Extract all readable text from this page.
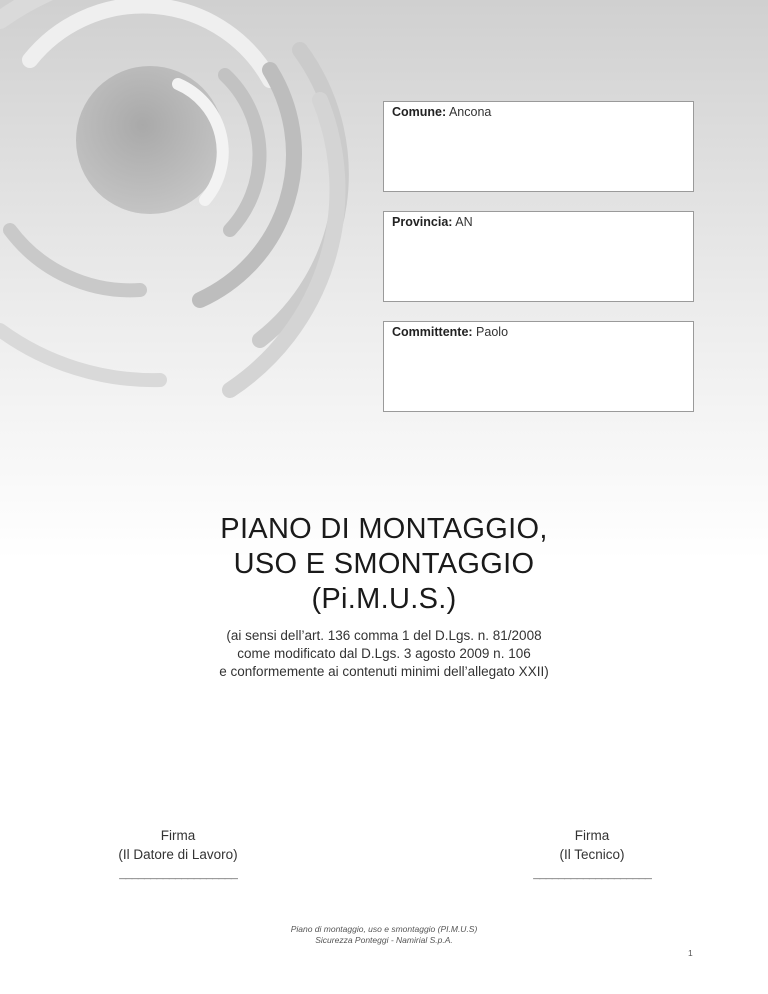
Comune: Ancona
Provincia: AN
Committente: Paolo
PIANO DI MONTAGGIO,
USO E SMONTAGGIO
(Pi.M.U.S.)
(ai sensi dell’art. 136 comma 1 del D.Lgs. n. 81/2008
come modificato dal D.Lgs. 3 agosto 2009 n. 106
e conformemente ai contenuti minimi dell’allegato XXII)
Firma
(Il Datore di Lavoro)
___________________
Firma
(Il Tecnico)
___________________
Piano di montaggio, uso e smontaggio (PI.M.U.S)
Sicurezza Ponteggi - Namirial S.p.A.
1
